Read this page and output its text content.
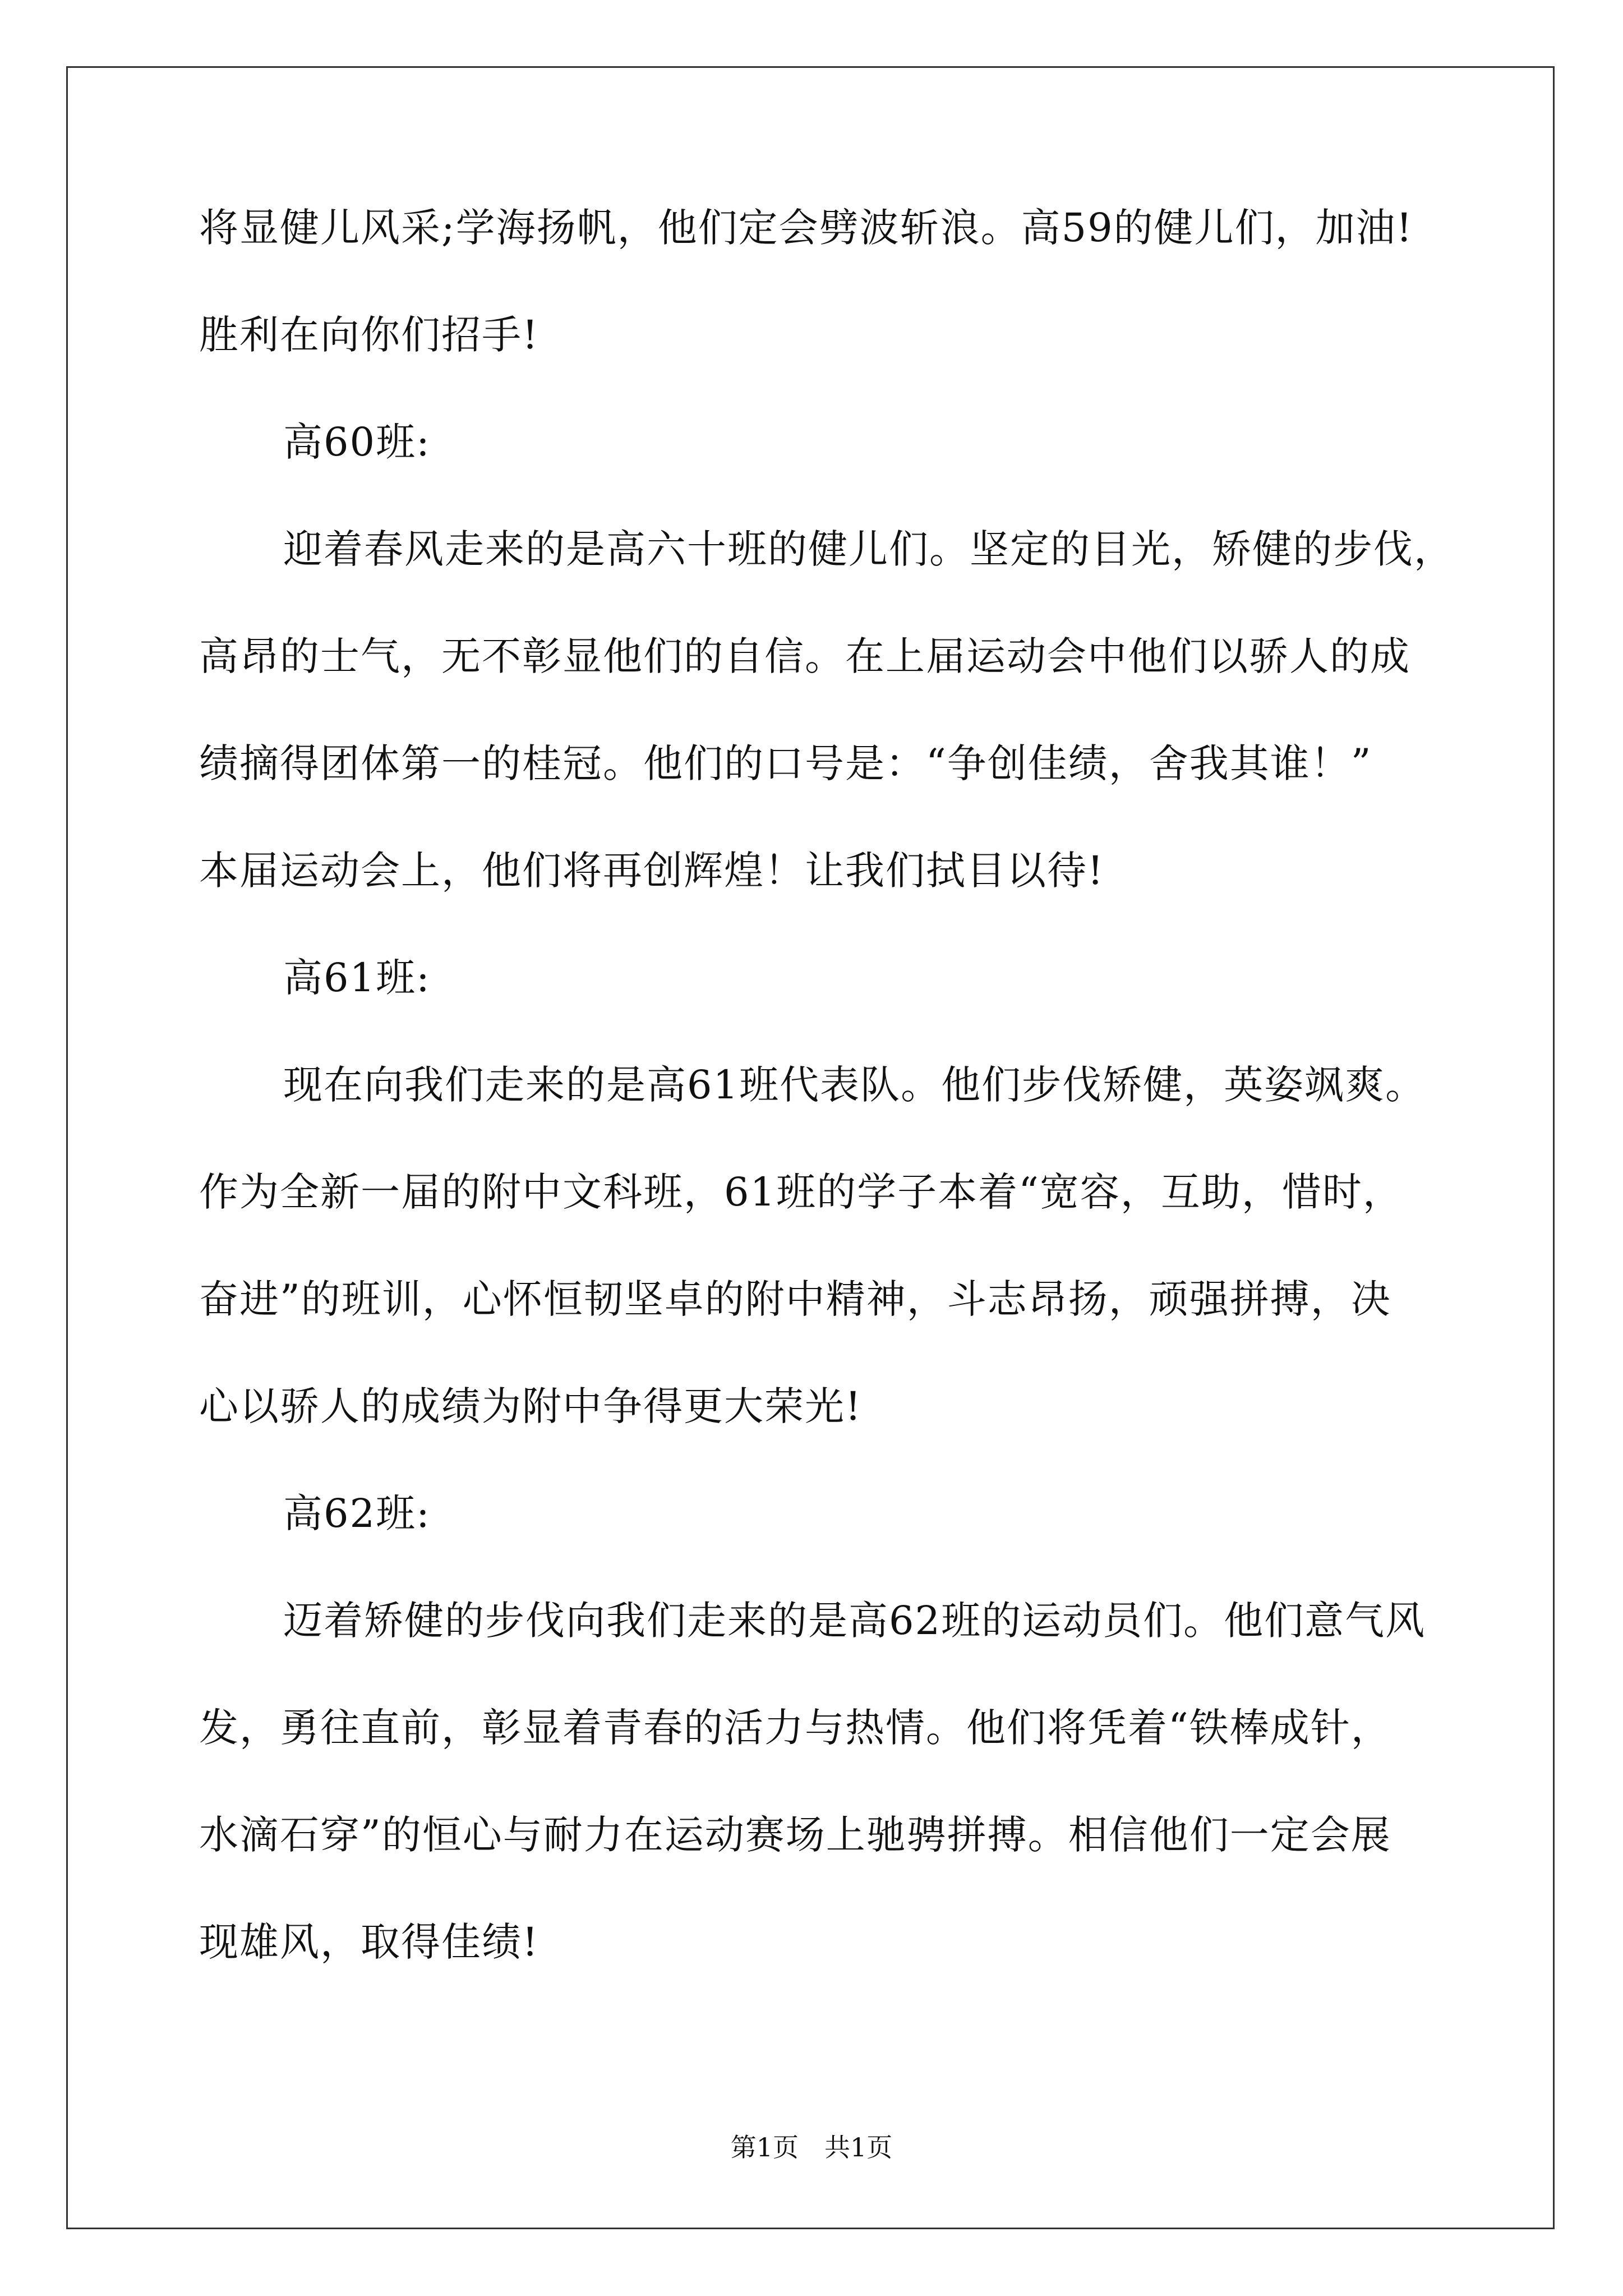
将显健儿风采;学海扬帆，他们定会劈波斩浪。高59的健儿们，加油!

胜利在向你们招手!

高60班:

迎着春风走来的是高六十班的健儿们。坚定的目光，矫健的步伐，

高昂的士气，无不彰显他们的自信。在上届运动会中他们以骄人的成

绩摘得团体第一的桂冠。他们的口号是：“争创佳绩，舍我其谁！”

本届运动会上，他们将再创辉煌！让我们拭目以待!

高61班:

现在向我们走来的是高61班代表队。他们步伐矫健，英姿飒爽。

作为全新一届的附中文科班，61班的学子本着“宽容，互助，惜时，

奋进”的班训，心怀恒韧坚卓的附中精神，斗志昂扬，顽强拼搏，决

心以骄人的成绩为附中争得更大荣光!

高62班:

迈着矫健的步伐向我们走来的是高62班的运动员们。他们意气风

发，勇往直前，彰显着青春的活力与热情。他们将凭着“铁棒成针，

水滴石穿”的恒心与耐力在运动赛场上驰骋拼搏。相信他们一定会展

现雄风，取得佳绩!

第1页　共1页
